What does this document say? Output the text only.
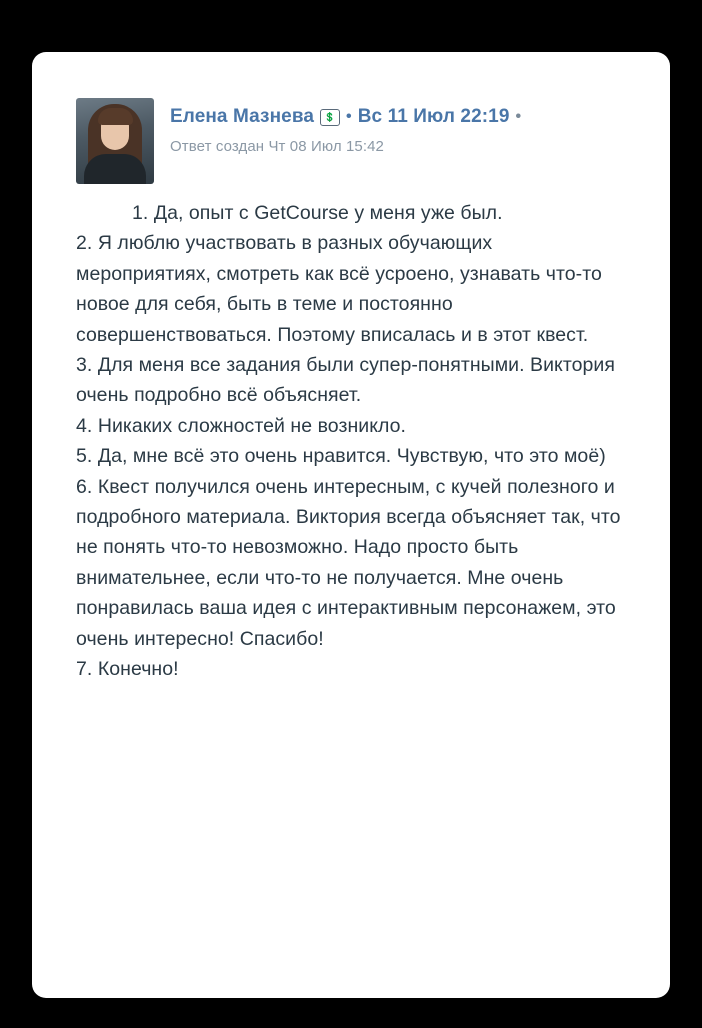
Елена Мазнева	💲 • Вс 11 Июл 22:19 •
Ответ создан Чт 08 Июл 15:42

1. Да, опыт с GetCourse у меня уже был.

2. Я люблю участвовать в разных обучающих мероприятиях, смотреть как всё усроено, узнавать что-то новое для себя, быть в теме и постоянно совершенствоваться. Поэтому вписалась и в этот квест.

3. Для меня все задания были супер-понятными. Виктория очень подробно всё объясняет.

4. Никаких сложностей не возникло.

5. Да, мне всё это очень нравится. Чувствую, что это моё)

6. Квест получился очень интересным, с кучей полезного и подробного материала. Виктория всегда объясняет так, что не понять что-то невозможно. Надо просто быть внимательнее, если что-то не получается. Мне очень понравилась ваша идея с интерактивным персонажем, это очень интересно! Спасибо!

7. Конечно!
